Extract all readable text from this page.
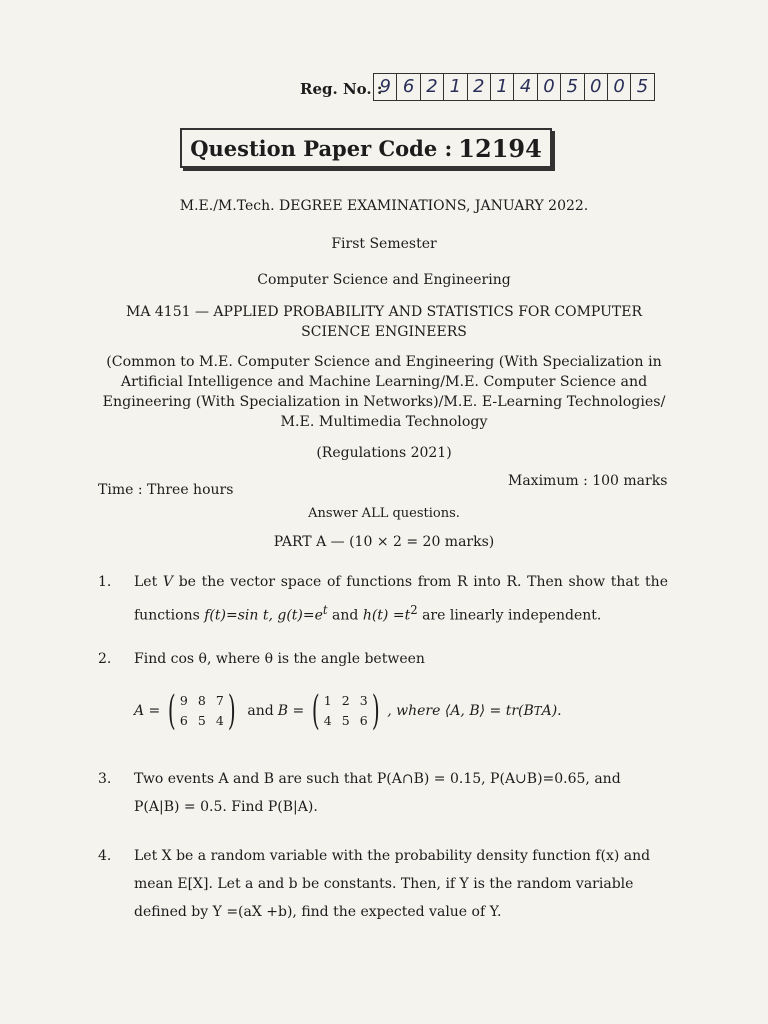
Reg. No. :
9 6 2 1 2 1 4 0 5 0 0 5
Question Paper Code : 12194
M.E./M.Tech. DEGREE EXAMINATIONS, JANUARY 2022.
First Semester
Computer Science and Engineering
MA 4151 — APPLIED PROBABILITY AND STATISTICS FOR COMPUTER
SCIENCE ENGINEERS
(Common to M.E. Computer Science and Engineering (With Specialization in
Artificial Intelligence and Machine Learning/M.E. Computer Science and
Engineering (With Specialization in Networks)/M.E. E-Learning Technologies/
M.E. Multimedia Technology
(Regulations 2021)
Time : Three hours
Maximum : 100 marks
Answer ALL questions.
PART A — (10 × 2 = 20 marks)
1.	Let V be the vector space of functions from R into R. Then show that the functions f(t)=sin t, $g(t)=e^t$ and $h(t) =t^2$ are linearly independent.
2.	Find cos θ, where θ is the angle between
A = ( 9 8 7
6 5 4 ) and B = ( 1 2 3
4 5 6 ) , where ⟨A, B⟩ = tr(B T A).
3.	Two events A and B are such that P(A∩B) = 0.15, P(A∪B)=0.65, and
P(A|B) = 0.5. Find P(B|A).
4.	Let X be a random variable with the probability density function f(x) and
mean E[X]. Let a and b be constants. Then, if Y is the random variable
defined by Y =(aX +b), find the expected value of Y.
